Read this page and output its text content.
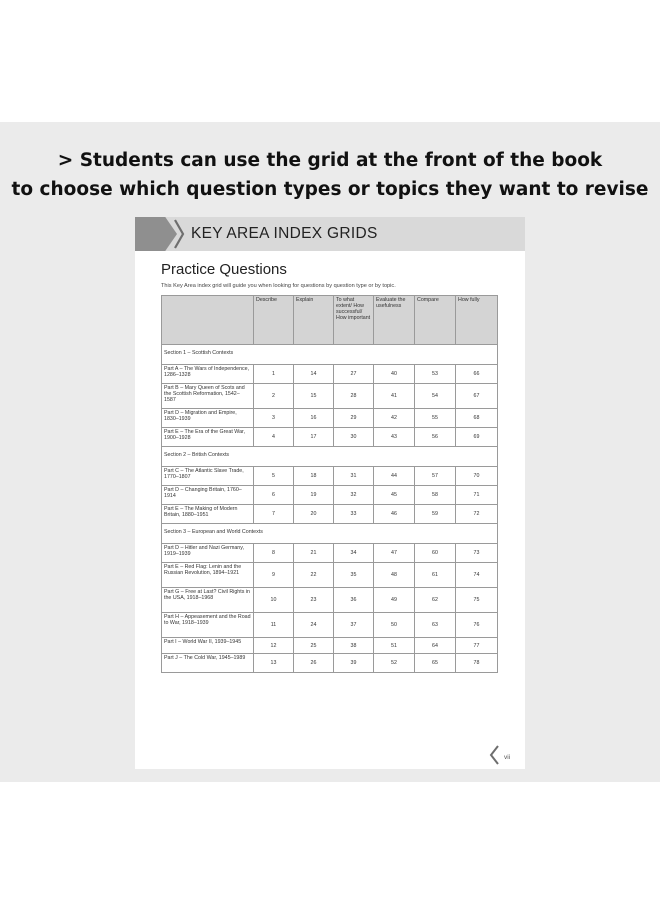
> Students can use the grid at the front of the book
to choose which question types or topics they want to revise
KEY AREA INDEX GRIDS
Practice Questions
This Key Area index grid will guide you when looking for questions by question type or by topic.
	Describe	Explain	To what extent/ How successful/ How important	Evaluate the usefulness	Compare	How fully
Section 1 – Scottish Contexts						
Part A – The Wars of Independence, 1286–1328	1	14	27	40	53	66
Part B – Mary Queen of Scots and the Scottish Reformation, 1542–1587	2	15	28	41	54	67
Part D – Migration and Empire, 1830–1939	3	16	29	42	55	68
Part E – The Era of the Great War, 1900–1928	4	17	30	43	56	69
Section 2 – British Contexts						
Part C – The Atlantic Slave Trade, 1770–1807	5	18	31	44	57	70
Part D – Changing Britain, 1760–1914	6	19	32	45	58	71
Part E – The Making of Modern Britain, 1880–1951	7	20	33	46	59	72
Section 3 – European and World Contexts						
Part D – Hitler and Nazi Germany, 1919–1939	8	21	34	47	60	73
Part E – Red Flag: Lenin and the Russian Revolution, 1894–1921	9	22	35	48	61	74
Part G – Free at Last? Civil Rights in the USA, 1918–1968	10	23	36	49	62	75
Part H – Appeasement and the Road to War, 1918–1939	11	24	37	50	63	76
Part I – World War II, 1939–1945	12	25	38	51	64	77
Part J – The Cold War, 1945–1989	13	26	39	52	65	78
vii
